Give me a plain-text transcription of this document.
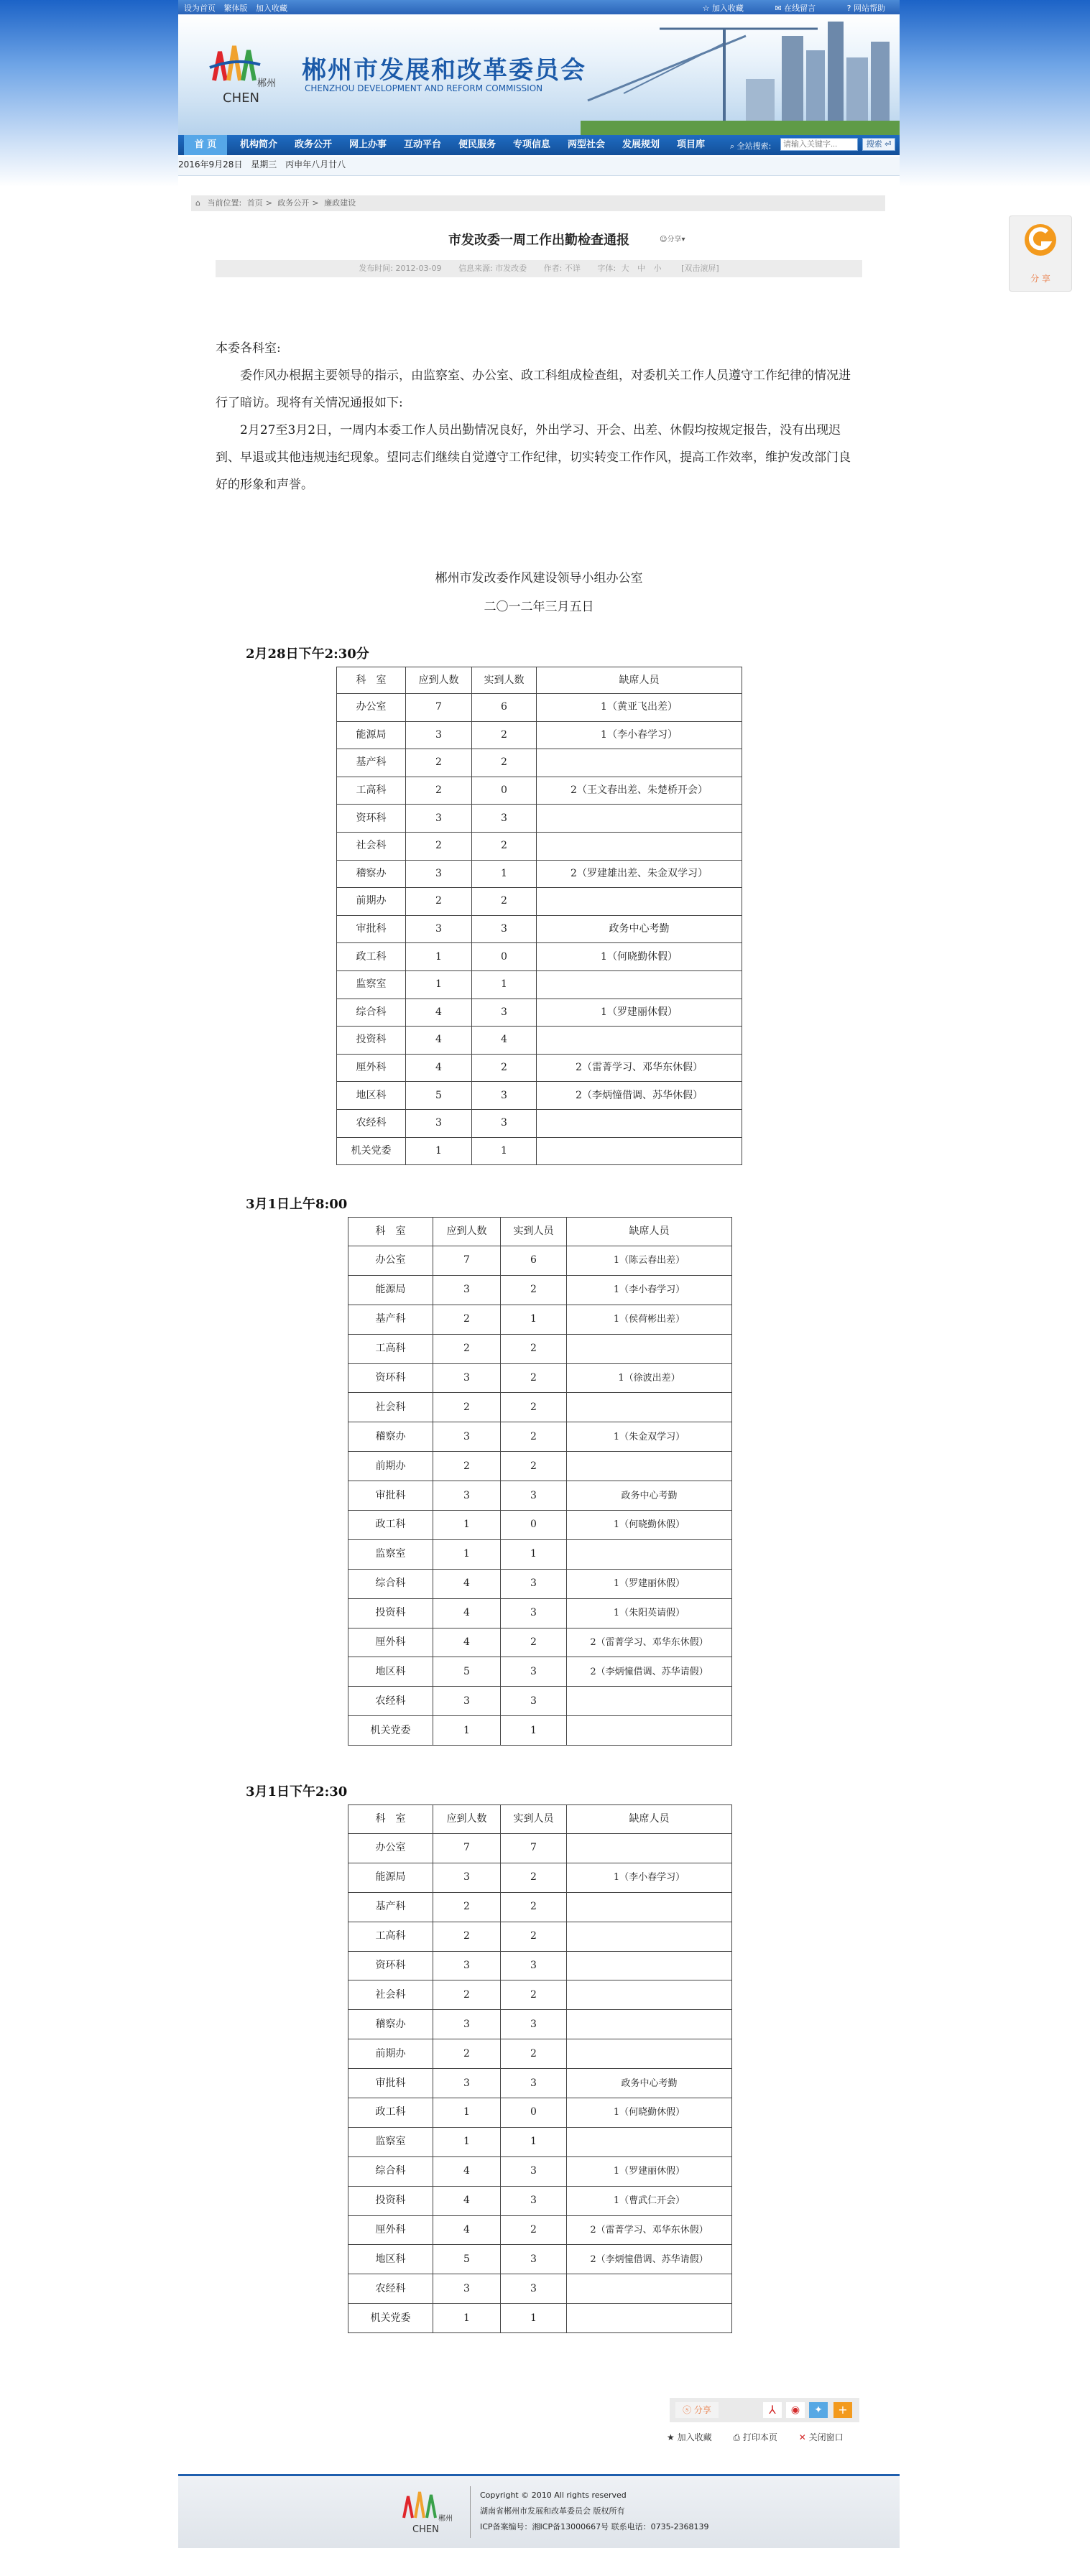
设为首页 繁体版 加入收藏	☆ 加入收藏	✉ 在线留言	? 网站帮助
郴州
CHEN
郴州市发展和改革委员会
CHENZHOU DEVELOPMENT AND REFORM COMMISSION
首 页	机构简介 政务公开 网上办事 互动平台 便民服务 专项信息 两型社会 发展规划 项目库	⌕ 全站搜索:
请输入关键字...	搜索 ⏎
2016年9月28日 星期三 丙申年八月廿八
⌂ 当前位置: 首页 > 政务公开 > 廉政建设
市发改委一周工作出勤检查通报	☺分享▾
发布时间: 2012-03-09 信息来源: 市发改委 作者: 不详 字体: 大 中 小	[双击滚屏]

本委各科室:

委作风办根据主要领导的指示，由监察室、办公室、政工科组成检查组，对委机关工作人员遵守工作纪律的情况进行了暗访。现将有关情况通报如下:

2月27至3月2日，一周内本委工作人员出勤情况良好，外出学习、开会、出差、休假均按规定报告，没有出现迟到、早退或其他违规违纪现象。望同志们继续自觉遵守工作纪律，切实转变工作作风，提高工作效率，维护发改部门良好的形象和声誉。

郴州市发改委作风建设领导小组办公室
二〇一二年三月五日
2月28日下午2:30分
科　室	应到人数	实到人数	缺席人员
办公室	7	6	1（黄亚飞出差）
能源局	3	2	1（李小春学习）
基产科	2	2	
工高科	2	0	2（王文春出差、朱楚桥开会）
资环科	3	3	
社会科	2	2	
稽察办	3	1	2（罗建雄出差、朱金双学习）
前期办	2	2	
审批科	3	3	政务中心考勤
政工科	1	0	1（何晓勤休假）
监察室	1	1	
综合科	4	3	1（罗建丽休假）
投资科	4	4	
厘外科	4	2	2（雷菁学习、邓华东休假）
地区科	5	3	2（李炳憧借调、苏华休假）
农经科	3	3	
机关党委	1	1	
3月1日上午8:00
科　室	应到人数	实到人员	缺席人员
办公室	7	6	1（陈云春出差）
能源局	3	2	1（李小春学习）
基产科	2	1	1（侯荷彬出差）
工高科	2	2	
资环科	3	2	1（徐波出差）
社会科	2	2	
稽察办	3	2	1（朱金双学习）
前期办	2	2	
审批科	3	3	政务中心考勤
政工科	1	0	1（何晓勤休假）
监察室	1	1	
综合科	4	3	1（罗建丽休假）
投资科	4	3	1（朱阳英请假）
厘外科	4	2	2（雷菁学习、邓华东休假）
地区科	5	3	2（李炳憧借调、苏华请假）
农经科	3	3	
机关党委	1	1	
3月1日下午2:30
科　室	应到人数	实到人员	缺席人员
办公室	7	7	
能源局	3	2	1（李小春学习）
基产科	2	2	
工高科	2	2	
资环科	3	3	
社会科	2	2	
稽察办	3	3	
前期办	2	2	
审批科	3	3	政务中心考勤
政工科	1	0	1（何晓勤休假）
监察室	1	1	
综合科	4	3	1（罗建丽休假）
投资科	4	3	1（曹武仁开会）
厘外科	4	2	2（雷菁学习、邓华东休假）
地区科	5	3	2（李炳憧借调、苏华请假）
农经科	3	3	
机关党委	1	1	
ⓢ 分享	⅄	◉	✦	+
★ 加入收藏 ⎙ 打印本页 ✕ 关闭窗口
郴州
CHEN
Copyright © 2010 All rights reserved
湖南省郴州市发展和改革委员会 版权所有
ICP备案编号：湘ICP备13000667号 联系电话：0735-2368139
分 享
